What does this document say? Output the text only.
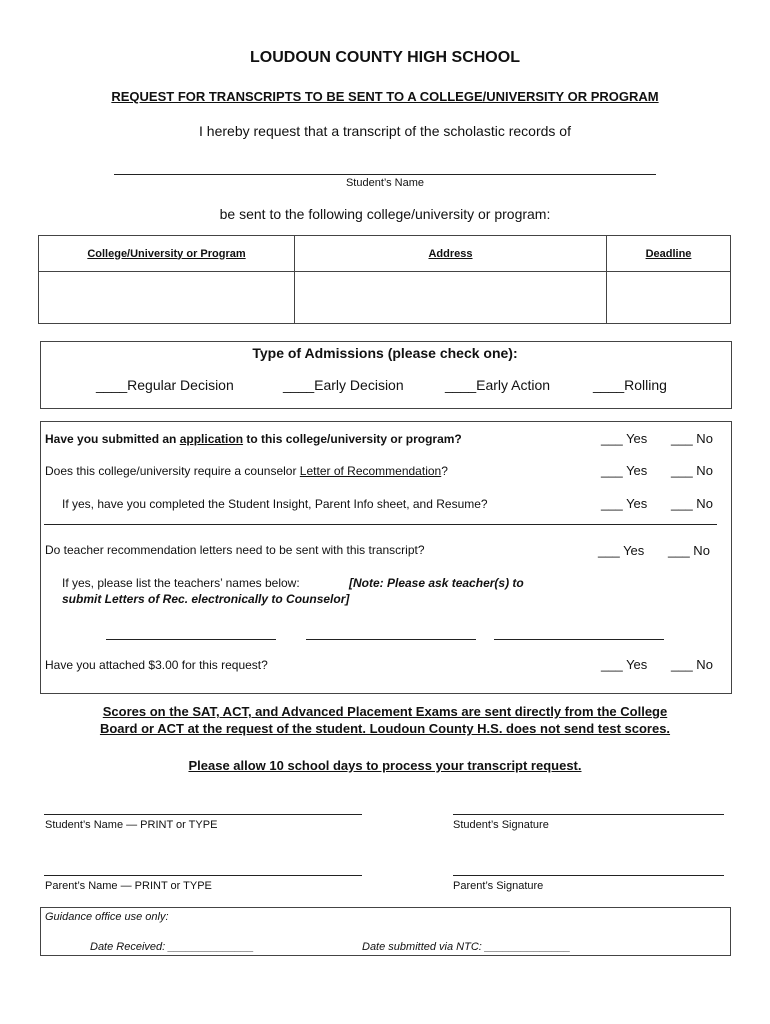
LOUDOUN COUNTY HIGH SCHOOL
REQUEST FOR TRANSCRIPTS TO BE SENT TO A COLLEGE/UNIVERSITY OR PROGRAM
I hereby request that a transcript of the scholastic records of
Student’s Name
be sent to the following college/university or program:
College/University or Program	Address	Deadline

Type of Admissions (please check one):
____Regular Decision	____Early Decision	____Early Action	____Rolling
Have you submitted an application to this college/university or program?	___ Yes ___ No
Does this college/university require a counselor Letter of Recommendation?	___ Yes ___ No
If yes, have you completed the Student Insight, Parent Info sheet, and Resume?	___ Yes ___ No
Do teacher recommendation letters need to be sent with this transcript?	___ Yes ___ No
If yes, please list the teachers’ names below:	[Note: Please ask teacher(s) to
submit Letters of Rec. electronically to Counselor]
Have you attached $3.00 for this request?	___ Yes ___ No
Scores on the SAT, ACT, and Advanced Placement Exams are sent directly from the College
Board or ACT at the request of the student. Loudoun County H.S. does not send test scores.
Please allow 10 school days to process your transcript request.
Student’s Name — PRINT or TYPE	Student’s Signature
Parent’s Name — PRINT or TYPE	Parent’s Signature
Guidance office use only:
Date Received: ______________	Date submitted via NTC: ______________
